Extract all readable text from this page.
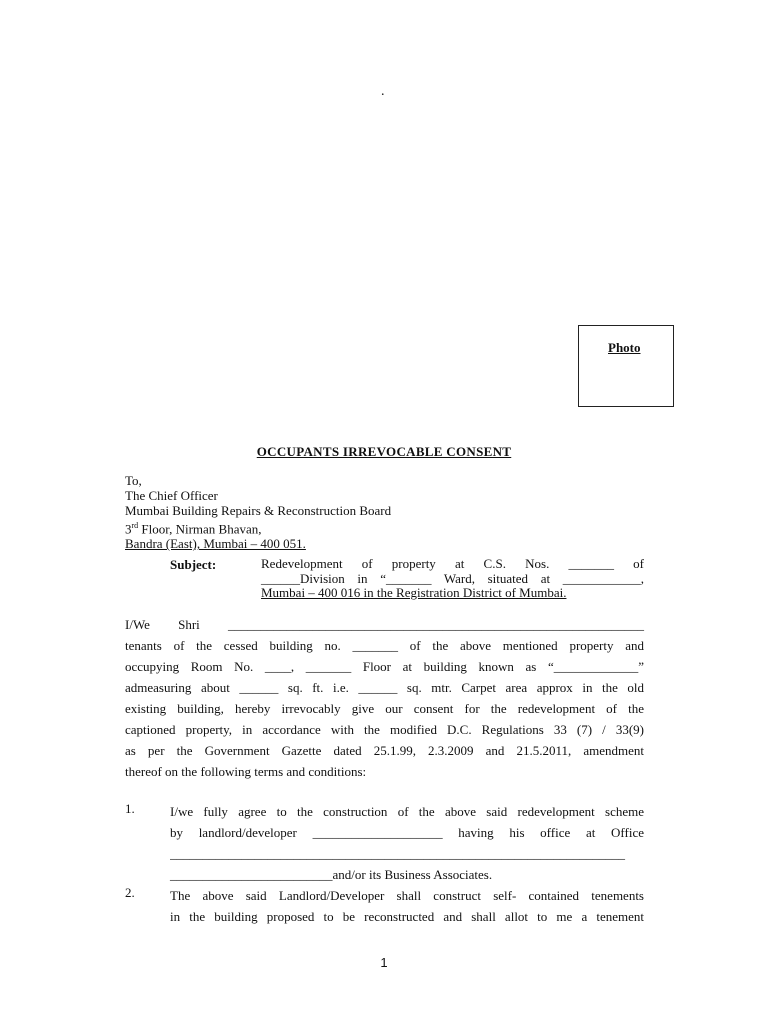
.
Photo
OCCUPANTS IRREVOCABLE CONSENT
To,
The Chief Officer
Mumbai Building Repairs & Reconstruction Board
3rd Floor, Nirman Bhavan,
Bandra (East), Mumbai – 400 051.
Subject:	Redevelopment of property at C.S. Nos. _______ of
______Division in “_______ Ward, situated at ____________,
Mumbai – 400 016 in the Registration District of Mumbai.
I/We Shri ________________________________________________________________
tenants of the cessed building no. _______ of the above mentioned property and
occupying Room No. ____, _______ Floor at building known as “_____________”
admeasuring about ______ sq. ft. i.e. ______ sq. mtr. Carpet area approx in the old
existing building, hereby irrevocably give our consent for the redevelopment of the
captioned property, in accordance with the modified D.C. Regulations 33 (7) / 33(9)
as per the Government Gazette dated 25.1.99, 2.3.2009 and 21.5.2011, amendment
thereof on the following terms and conditions:
1.	I/we fully agree to the construction of the above said redevelopment scheme
by landlord/developer ____________________ having his office at Office
______________________________________________________________________
_________________________and/or its Business Associates.
2.	The above said Landlord/Developer shall construct self- contained tenements
in the building proposed to be reconstructed and shall allot to me a tenement
1
